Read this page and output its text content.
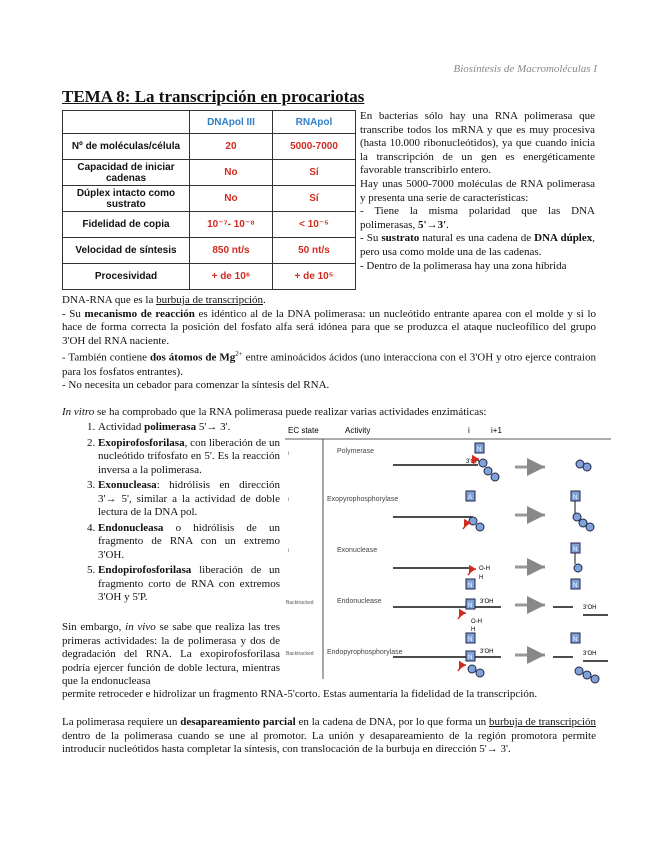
Biosíntesis de Macromoléculas I
TEMA 8: La transcripción en procariotas
	DNApol III	RNApol
Nº de moléculas/célula	20	5000-7000
Capacidad de iniciar cadenas	No	Sí
Dúplex intacto como sustrato	No	Sí
Fidelidad de copia	10⁻⁷- 10⁻⁸	< 10⁻⁵
Velocidad de síntesis	850 nt/s	50 nt/s
Procesividad	+ de 10⁶	+ de 10⁵
En bacterias sólo hay una RNA polimerasa que transcribe todos los mRNA y que es muy procesiva (hasta 10.000 ribonucleótidos), ya que cuando inicia la transcripción de un gen es energéticamente favorable transcribirlo entero.
Hay unas 5000-7000 moléculas de RNA polimerasa y presenta una serie de características:
- Tiene la misma polaridad que las DNA polimerasas, 5'→3'.
- Su sustrato natural es una cadena de DNA dúplex, pero usa como molde una de las cadenas.
- Dentro de la polimerasa hay una zona híbrida
DNA-RNA que es la burbuja de transcripción.
- Su mecanismo de reacción es idéntico al de la DNA polimerasa: un nucleótido entrante aparea con el molde y si lo hace de forma correcta la posición del fosfato alfa será idónea para que se produzca el ataque nucleofílico del grupo 3'OH del RNA naciente.
- También contiene dos átomos de $Mg^{2+}$ entre aminoácidos ácidos (uno interacciona con el 3'OH y otro ejerce contraion para los fosfatos entrantes).
- No necesita un cebador para comenzar la síntesis del RNA.
In vitro se ha comprobado que la RNA polimerasa puede realizar varias actividades enzimáticas:
1. Actividad polimerasa 5'→ 3'.
2. Exopirofosforilasa, con liberación de un nucleótido trifosfato en 5'. Es la reacción inversa a la polimerasa.
3. Exonucleasa: hidrólisis en dirección 3'→ 5', similar a la actividad de doble lectura de la DNA pol.
4. Endonucleasa o hidrólisis de un fragmento de RNA con un extremo 3'OH.
5. Endopirofosforilasa liberación de un fragmento corto de RNA con extremos 3'OH y 5'P.
Sin embargo, in vivo se sabe que realiza las tres primeras actividades: la de polimerasa y dos de degradación del RNA. La exopirofosforilasa podría ejercer función de doble lectura, mientras que la endonucleasa
permite retroceder e hidrolizar un fragmento RNA-5'corto. Estas aumentaría la fidelidad de la transcripción.
La polimerasa requiere un desapareamiento parcial en la cadena de DNA, por lo que forma un burbuja de transcripción dentro de la polimerasa cuando se une al promotor. La unión y desapareamiento de la región promotora permite introducir nucleótidos hasta completar la síntesis, con translocación de la burbuja en dirección 5'→ 3'.
EC state	Activity	i	i+1
i
i
i
Backtracked
Backtracked
Polymerase
Exopyrophosphorylase
Exonuclease
Endonuclease
Endopyrophosphorylase
3'OH
N
A	N
O-H
H
N
N
N
3'OH
O-H
H
N
3'OH
N
N
3'OH
N
3'OH
